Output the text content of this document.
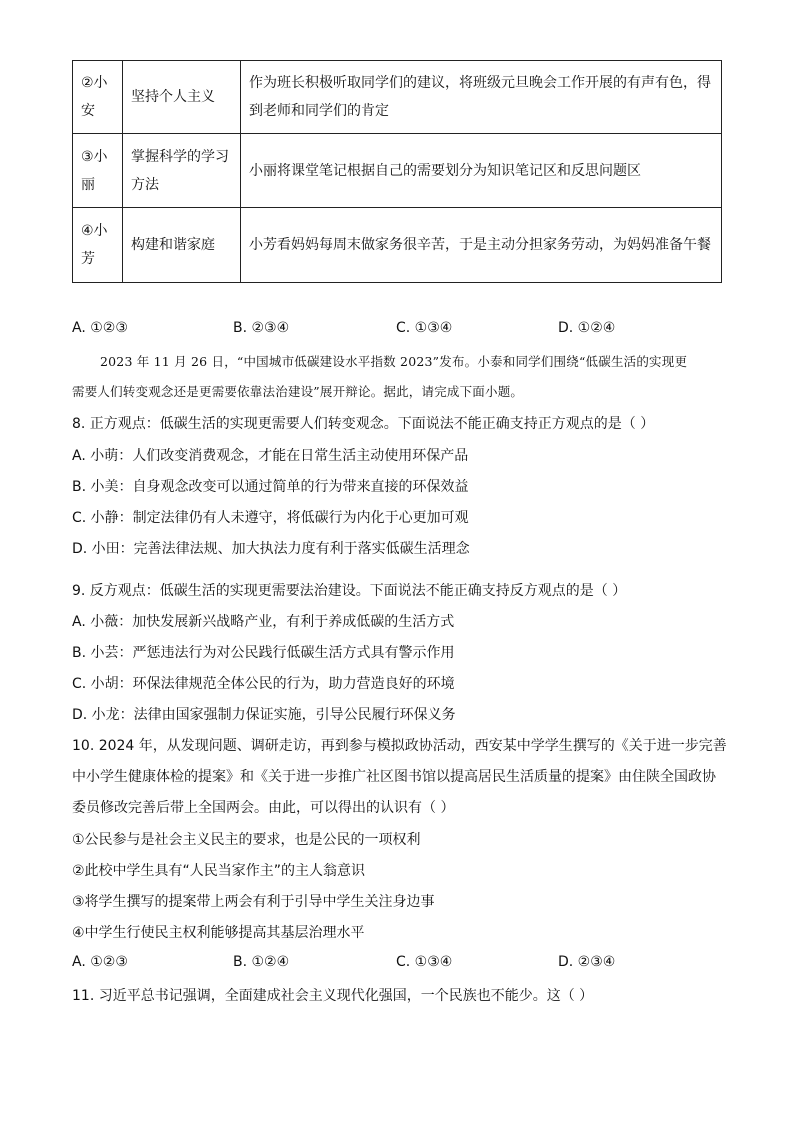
②小安	坚持个人主义	作为班长积极听取同学们的建议，将班级元旦晚会工作开展的有声有色，得到老师和同学们的肯定
③小丽	掌握科学的学习方法	小丽将课堂笔记根据自己的需要划分为知识笔记区和反思问题区
④小芳	构建和谐家庭	小芳看妈妈每周末做家务很辛苦，于是主动分担家务劳动，为妈妈准备午餐
A. ①②③	B. ②③④	C. ①③④	D. ①②④
2023 年 11 月 26 日，“中国城市低碳建设水平指数 2023”发布。小泰和同学们围绕“低碳生活的实现更
需要人们转变观念还是更需要依靠法治建设”展开辩论。据此，请完成下面小题。
8. 正方观点：低碳生活的实现更需要人们转变观念。下面说法不能正确支持正方观点的是（ ）
A. 小萌：人们改变消费观念，才能在日常生活主动使用环保产品
B. 小美：自身观念改变可以通过简单的行为带来直接的环保效益
C. 小静：制定法律仍有人未遵守，将低碳行为内化于心更加可观
D. 小田：完善法律法规、加大执法力度有利于落实低碳生活理念
9. 反方观点：低碳生活的实现更需要法治建设。下面说法不能正确支持反方观点的是（ ）
A. 小薇：加快发展新兴战略产业，有利于养成低碳的生活方式
B. 小芸：严惩违法行为对公民践行低碳生活方式具有警示作用
C. 小胡：环保法律规范全体公民的行为，助力营造良好的环境
D. 小龙：法律由国家强制力保证实施，引导公民履行环保义务
10. 2024 年，从发现问题、调研走访，再到参与模拟政协活动，西安某中学学生撰写的《关于进一步完善
中小学生健康体检的提案》和《关于进一步推广社区图书馆以提高居民生活质量的提案》由住陕全国政协
委员修改完善后带上全国两会。由此，可以得出的认识有（ ）
①公民参与是社会主义民主的要求，也是公民的一项权利
②此校中学生具有“人民当家作主”的主人翁意识
③将学生撰写的提案带上两会有利于引导中学生关注身边事
④中学生行使民主权利能够提高其基层治理水平
A. ①②③	B. ①②④	C. ①③④	D. ②③④
11. 习近平总书记强调，全面建成社会主义现代化强国，一个民族也不能少。这（ ）
